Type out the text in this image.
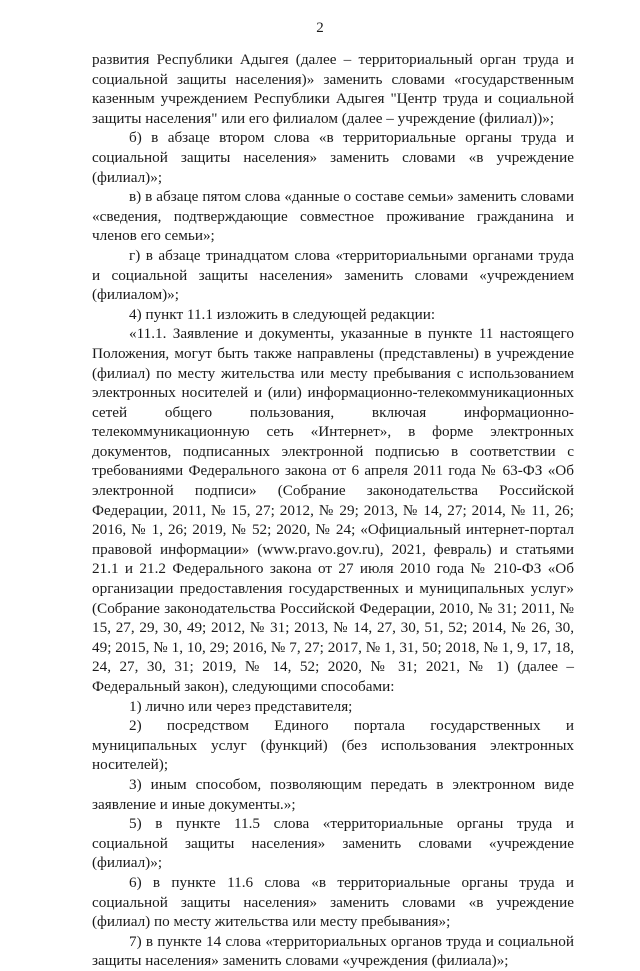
2

развития Республики Адыгея (далее – территориальный орган труда и социальной защиты населения)» заменить словами «государственным казенным учреждением Республики Адыгея "Центр труда и социальной защиты населения" или его филиалом (далее – учреждение (филиал))»;

б) в абзаце втором слова «в территориальные органы труда и социальной защиты населения» заменить словами «в учреждение (филиал)»;

в) в абзаце пятом слова «данные о составе семьи» заменить словами «сведения, подтверждающие совместное проживание гражданина и членов его семьи»;

г) в абзаце тринадцатом слова «территориальными органами труда и социальной защиты населения» заменить словами «учреждением (филиалом)»;

4) пункт 11.1 изложить в следующей редакции:

«11.1. Заявление и документы, указанные в пункте 11 настоящего Положения, могут быть также направлены (представлены) в учреждение (филиал) по месту жительства или месту пребывания с использованием электронных носителей и (или) информационно-телекоммуникационных сетей общего пользования, включая информационно-телекоммуникационную сеть «Интернет», в форме электронных документов, подписанных электронной подписью в соответствии с требованиями Федерального закона от 6 апреля 2011 года № 63-ФЗ «Об электронной подписи» (Собрание законодательства Российской Федерации, 2011, № 15, 27; 2012, № 29; 2013, № 14, 27; 2014, № 11, 26; 2016, № 1, 26; 2019, № 52; 2020, № 24; «Официальный интернет-портал правовой информации» (www.pravo.gov.ru), 2021, февраль) и статьями 21.1 и 21.2 Федерального закона от 27 июля 2010 года № 210-ФЗ «Об организации предоставления государственных и муниципальных услуг» (Собрание законодательства Российской Федерации, 2010, № 31; 2011, № 15, 27, 29, 30, 49; 2012, № 31; 2013, № 14, 27, 30, 51, 52; 2014, № 26, 30, 49; 2015, № 1, 10, 29; 2016, № 7, 27; 2017, № 1, 31, 50; 2018, № 1, 9, 17, 18, 24, 27, 30, 31; 2019, № 14, 52; 2020, № 31; 2021, № 1) (далее – Федеральный закон), следующими способами:

1) лично или через представителя;

2) посредством Единого портала государственных и муниципальных услуг (функций) (без использования электронных носителей);

3) иным способом, позволяющим передать в электронном виде заявление и иные документы.»;

5) в пункте 11.5 слова «территориальные органы труда и социальной защиты населения» заменить словами «учреждение (филиал)»;

6) в пункте 11.6 слова «в территориальные органы труда и социальной защиты населения» заменить словами «в учреждение (филиал) по месту жительства или месту пребывания»;

7) в пункте 14 слова «территориальных органов труда и социальной защиты населения» заменить словами «учреждения (филиала)»;
